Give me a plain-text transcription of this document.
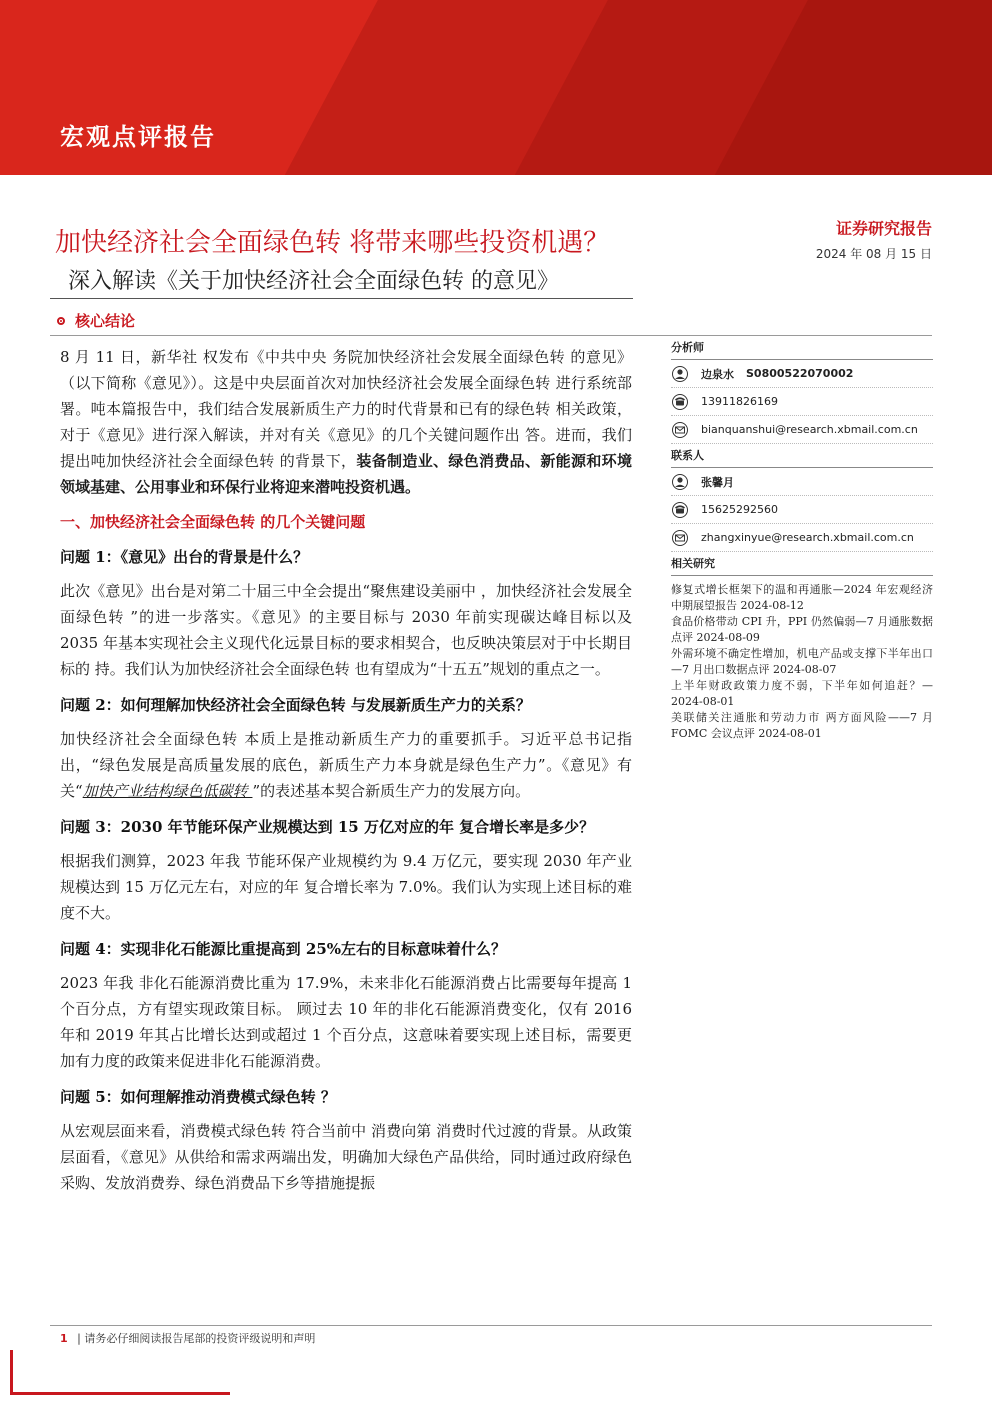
宏观点评报告
加快经济社会全面绿色转 将带来哪些投资机遇？
深入解读《关于加快经济社会全面绿色转 的意见》
证券研究报告
2024 年 08 月 15 日
核心结论

8 月 11 日，新华社 权发布《中共中央 务院加快经济社会发展全面绿色转 的意见》（以下简称《意见》）。这是中央层面首次对加快经济社会发展全面绿色转 进行系统部署。吨本篇报告中，我们结合发展新质生产力的时代背景和已有的绿色转 相关政策，对于《意见》进行深入解读，并对有关《意见》的几个关键问题作出 答。进而，我们提出吨加快经济社会全面绿色转 的背景下，装备制造业、绿色消费品、新能源和环境领域基建、公用事业和环保行业将迎来潜吨投资机遇。

一、加快经济社会全面绿色转 的几个关键问题
问题 1：《意见》出台的背景是什么？

此次《意见》出台是对第二十届三中全会提出“聚焦建设美丽中 ，加快经济社会发展全面绿色转 ”的进一步落实。《意见》的主要目标与 2030 年前实现碳达峰目标以及 2035 年基本实现社会主义现代化远景目标的要求相契合，也反映决策层对于中长期目标的 持。我们认为加快经济社会全面绿色转 也有望成为“十五五”规划的重点之一。

问题 2：如何理解加快经济社会全面绿色转 与发展新质生产力的关系？

加快经济社会全面绿色转 本质上是推动新质生产力的重要抓手。习近平总书记指出，“绿色发展是高质量发展的底色，新质生产力本身就是绿色生产力”。《意见》有关“加快产业结构绿色低碳转 ”的表述基本契合新质生产力的发展方向。

问题 3：2030 年节能环保产业规模达到 15 万亿对应的年 复合增长率是多少？

根据我们测算，2023 年我 节能环保产业规模约为 9.4 万亿元，要实现 2030 年产业规模达到 15 万亿元左右，对应的年 复合增长率为 7.0%。我们认为实现上述目标的难度不大。

问题 4：实现非化石能源比重提高到 25%左右的目标意味着什么？

2023 年我 非化石能源消费比重为 17.9%，未来非化石能源消费占比需要每年提高 1 个百分点，方有望实现政策目标。 顾过去 10 年的非化石能源消费变化，仅有 2016 年和 2019 年其占比增长达到或超过 1 个百分点，这意味着要实现上述目标，需要更加有力度的政策来促进非化石能源消费。

问题 5：如何理解推动消费模式绿色转 ？

从宏观层面来看，消费模式绿色转 符合当前中 消费向第 消费时代过渡的背景。从政策层面看，《意见》从供给和需求两端出发，明确加大绿色产品供给，同时通过政府绿色采购、发放消费券、绿色消费品下乡等措施提振

分析师
边泉水 S0800522070002
13911826169
bianquanshui@research.xbmail.com.cn
联系人
张馨月
15625292560
zhangxinyue@research.xbmail.com.cn
相关研究
修复式增长框架下的温和再通胀—2024 年宏观经济中期展望报告 2024-08-12
食品价格带动 CPI 升，PPI 仍然偏弱—7 月通胀数据点评 2024-08-09
外需环境不确定性增加，机电产品或支撑下半年出口—7 月出口数据点评 2024-08-07
上半年财政政策力度不弱，下半年如何追赶？— 2024-08-01
美联储关注通胀和劳动力市 两方面风险——7 月 FOMC 会议点评 2024-08-01
1 | 请务必仔细阅读报告尾部的投资评级说明和声明
